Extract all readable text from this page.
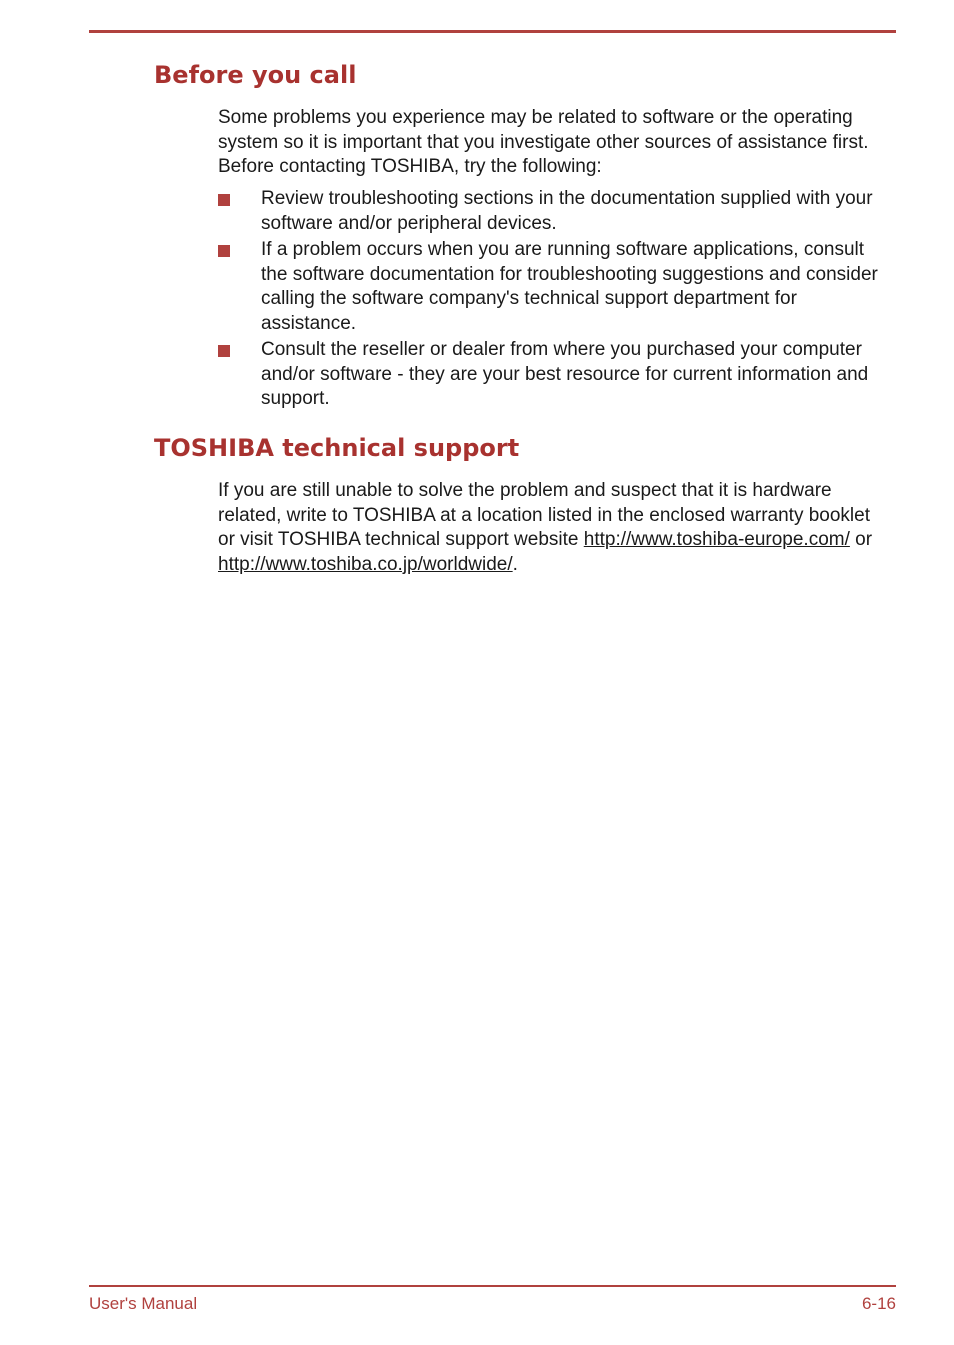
Before you call

Some problems you experience may be related to software or the operating system so it is important that you investigate other sources of assistance first. Before contacting TOSHIBA, try the following:

Review troubleshooting sections in the documentation supplied with your software and/or peripheral devices.
If a problem occurs when you are running software applications, consult the software documentation for troubleshooting suggestions and consider calling the software company's technical support department for assistance.
Consult the reseller or dealer from where you purchased your computer and/or software - they are your best resource for current information and support.
TOSHIBA technical support

If you are still unable to solve the problem and suspect that it is hardware related, write to TOSHIBA at a location listed in the enclosed warranty booklet or visit TOSHIBA technical support website http://www.toshiba-europe.com/ or http://www.toshiba.co.jp/worldwide/.

User's Manual	6-16
